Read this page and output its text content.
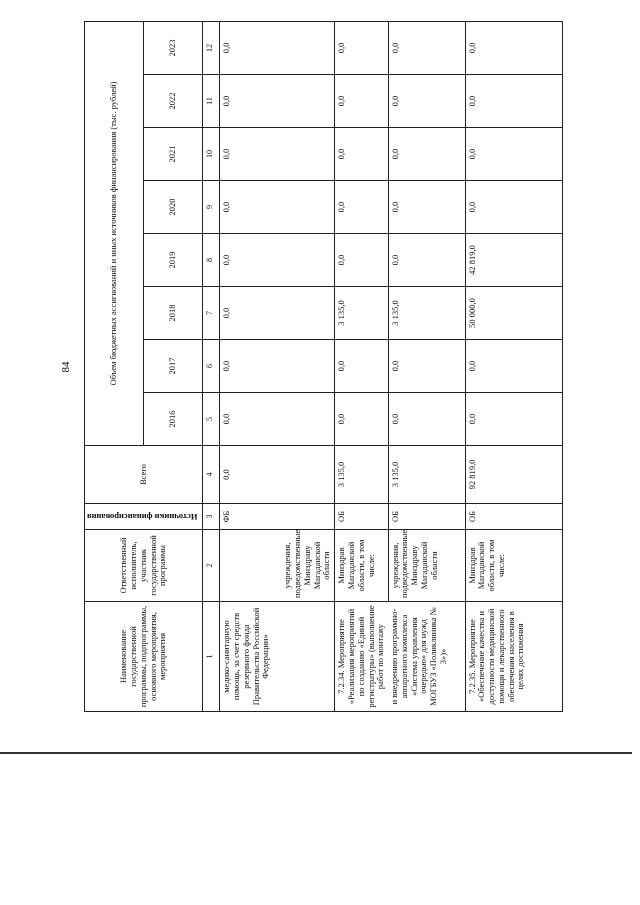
84
Наименование государственной программы, подпрограммы, основного мероприятия, мероприятия	Ответственный исполнитель, участник государственной программы	Источники финансирования	Всего	Объем бюджетных ассигнований и иных источников финансирования (тыс. рублей)							
				2016	2017	2018	2019	2020	2021	2022	2023
1	2	3	4	5	6	7	8	9	10	11	12
медико-санитарную помощь, за счет средств резервного фонда Правительства Российской Федерации»	учреждения, подведомственные Минздраву Магаданской области	ФБ	0,0	0,0	0,0	0,0	0,0	0,0	0,0	0,0	0,0
7.2.34. Мероприятие «Реализация мероприятий по созданию «Единой регистратуры» (выполнение работ по монтажу	Минздрав Магаданской области, в том числе:	ОБ	3 135,0	0,0	0,0	3 135,0	0,0	0,0	0,0	0,0	0,0
и внедрению программно-аппаратного комплекса «Система управления очередью» для нужд МОГБУЗ «Поликлиника № 3»)»	учреждения, подведомственные Минздраву Магаданской области	ОБ	3 135,0	0,0	0,0	3 135,0	0,0	0,0	0,0	0,0	0,0
7.2.35. Мероприятие «Обеспечение качества и доступности медицинской помощи и лекарственного обеспечения населения в целях достижения	Минздрав Магаданской области, в том числе:	ОБ	92 819,0	0,0	0,0	50 000,0	42 819,0	0,0	0,0	0,0	0,0
